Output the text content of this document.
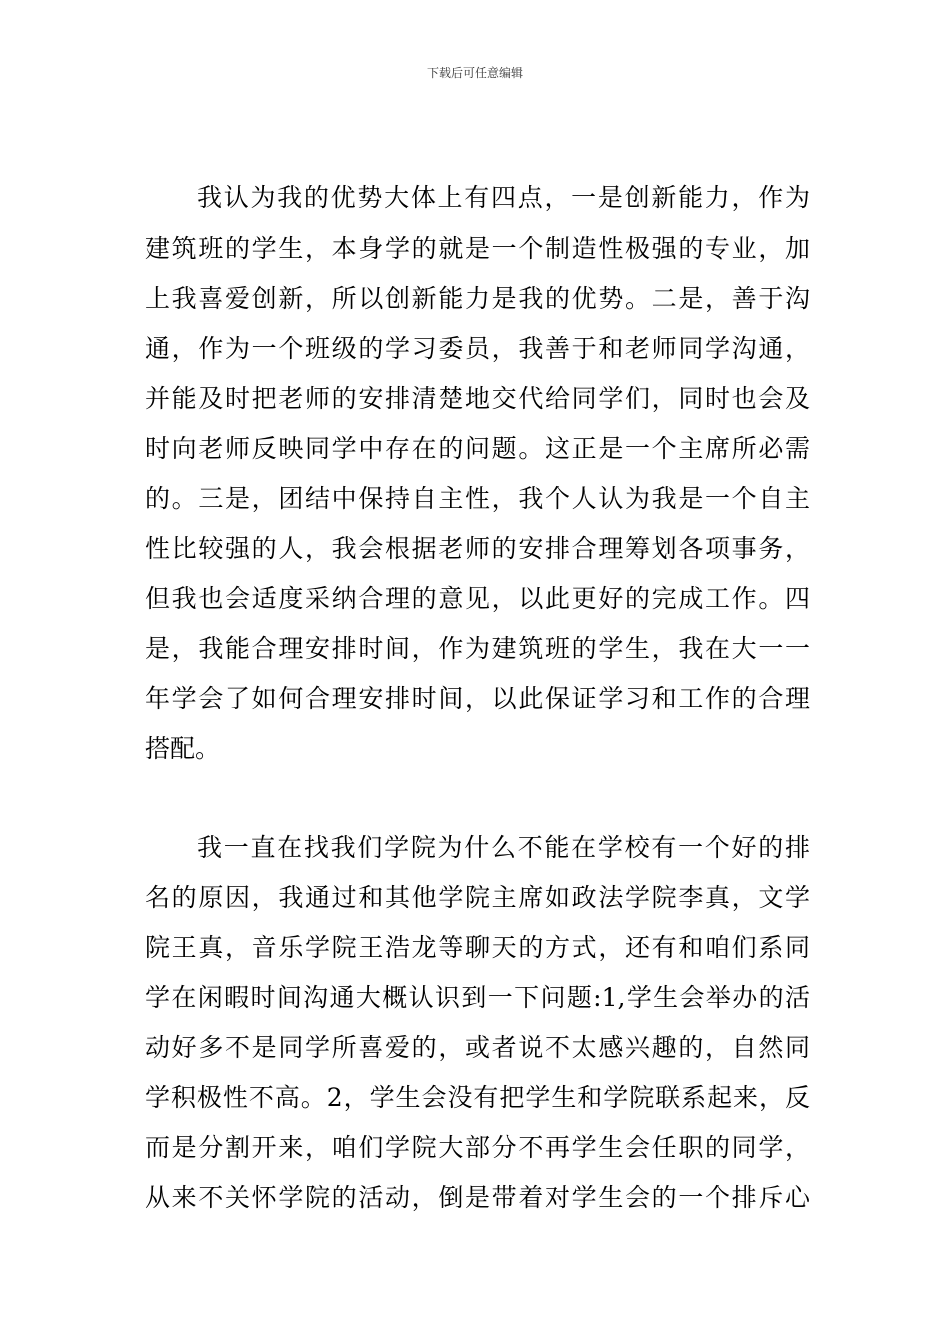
下载后可任意编辑
我认为我的优势大体上有四点，一是创新能力，作为
建筑班的学生，本身学的就是一个制造性极强的专业，加
上我喜爱创新，所以创新能力是我的优势。二是，善于沟
通，作为一个班级的学习委员，我善于和老师同学沟通，
并能及时把老师的安排清楚地交代给同学们，同时也会及
时向老师反映同学中存在的问题。这正是一个主席所必需
的。三是，团结中保持自主性，我个人认为我是一个自主
性比较强的人，我会根据老师的安排合理筹划各项事务，
但我也会适度采纳合理的意见，以此更好的完成工作。四
是，我能合理安排时间，作为建筑班的学生，我在大一一
年学会了如何合理安排时间，以此保证学习和工作的合理
搭配。
我一直在找我们学院为什么不能在学校有一个好的排
名的原因，我通过和其他学院主席如政法学院李真，文学
院王真，音乐学院王浩龙等聊天的方式，还有和咱们系同
学在闲暇时间沟通大概认识到一下问题:1,学生会举办的活
动好多不是同学所喜爱的，或者说不太感兴趣的，自然同
学积极性不高。2，学生会没有把学生和学院联系起来，反
而是分割开来，咱们学院大部分不再学生会任职的同学，
从来不关怀学院的活动，倒是带着对学生会的一个排斥心
